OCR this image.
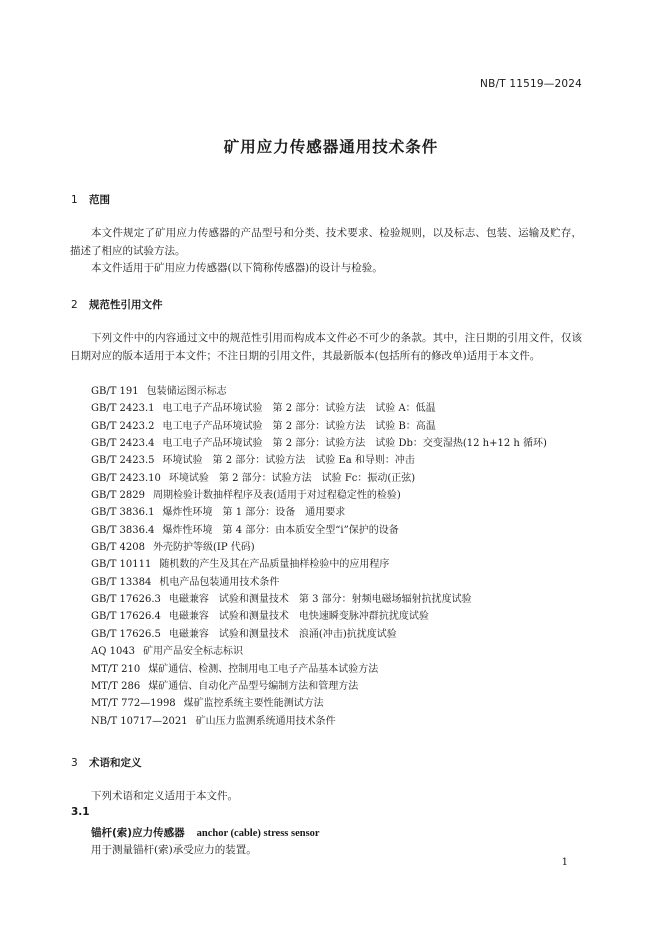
NB/T 11519—2024
矿用应力传感器通用技术条件
1 范围

本文件规定了矿用应力传感器的产品型号和分类、技术要求、检验规则，以及标志、包装、运输及贮存，描述了相应的试验方法。

本文件适用于矿用应力传感器(以下简称传感器)的设计与检验。

2 规范性引用文件

下列文件中的内容通过文中的规范性引用而构成本文件必不可少的条款。其中，注日期的引用文件，仅该日期对应的版本适用于本文件；不注日期的引用文件，其最新版本(包括所有的修改单)适用于本文件。

GB/T 191 包装储运图示标志
GB/T 2423.1 电工电子产品环境试验　第 2 部分：试验方法　试验 A：低温
GB/T 2423.2 电工电子产品环境试验　第 2 部分：试验方法　试验 B：高温
GB/T 2423.4 电工电子产品环境试验　第 2 部分：试验方法　试验 Db：交变湿热(12 h+12 h 循环)
GB/T 2423.5 环境试验　第 2 部分：试验方法　试验 Ea 和导则：冲击
GB/T 2423.10 环境试验　第 2 部分：试验方法　试验 Fc：振动(正弦)
GB/T 2829 周期检验计数抽样程序及表(适用于对过程稳定性的检验)
GB/T 3836.1 爆炸性环境　第 1 部分：设备　通用要求
GB/T 3836.4 爆炸性环境　第 4 部分：由本质安全型“i”保护的设备
GB/T 4208 外壳防护等级(IP 代码)
GB/T 10111 随机数的产生及其在产品质量抽样检验中的应用程序
GB/T 13384 机电产品包装通用技术条件
GB/T 17626.3 电磁兼容　试验和测量技术　第 3 部分：射频电磁场辐射抗扰度试验
GB/T 17626.4 电磁兼容　试验和测量技术　电快速瞬变脉冲群抗扰度试验
GB/T 17626.5 电磁兼容　试验和测量技术　浪涌(冲击)抗扰度试验
AQ 1043 矿用产品安全标志标识
MT/T 210 煤矿通信、检测、控制用电工电子产品基本试验方法
MT/T 286 煤矿通信、自动化产品型号编制方法和管理方法
MT/T 772—1998 煤矿监控系统主要性能测试方法
NB/T 10717—2021 矿山压力监测系统通用技术条件
3 术语和定义

下列术语和定义适用于本文件。

3.1
锚杆(索)应力传感器 anchor (cable) stress sensor
用于测量锚杆(索)承受应力的装置。
1
